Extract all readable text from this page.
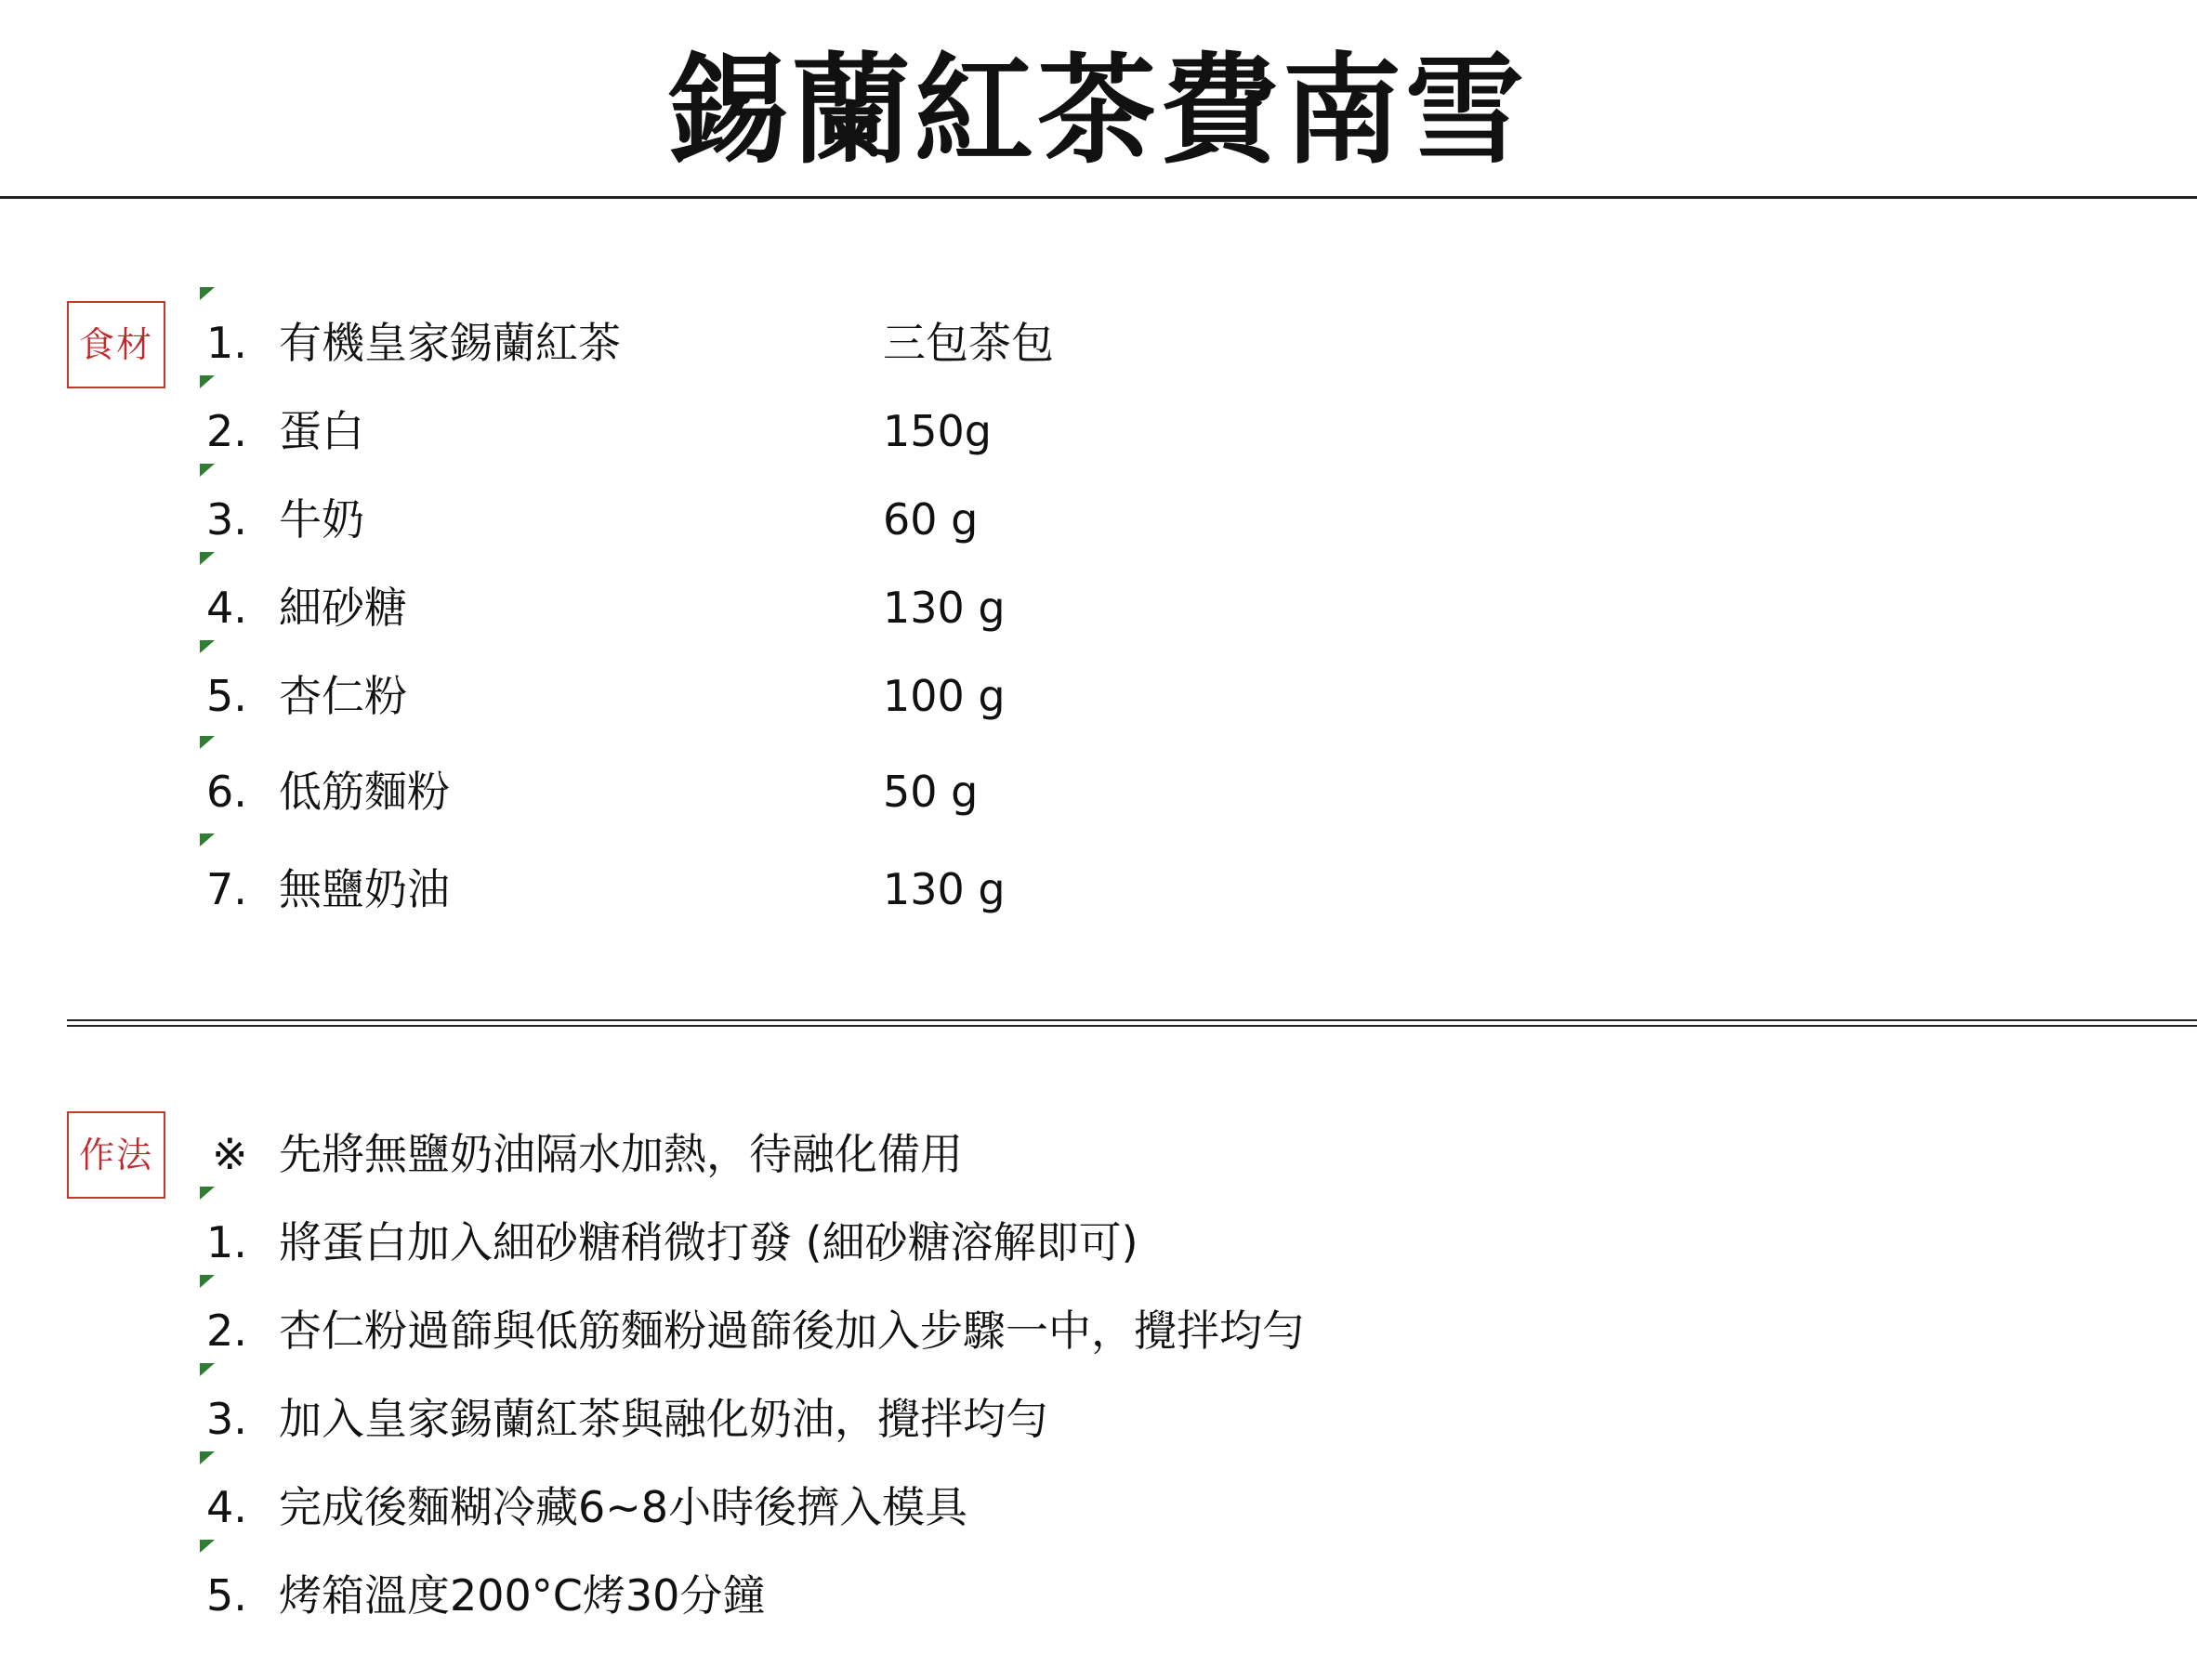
錫蘭紅茶費南雪
食材 1. 有機皇家錫蘭紅茶	三包茶包
2. 蛋白	150g
3. 牛奶	60 g
4. 細砂糖	130 g
5. 杏仁粉	100 g
6. 低筋麵粉	50 g
7. 無鹽奶油	130 g
作法 ※ 先將無鹽奶油隔水加熱，待融化備用
1. 將蛋白加入細砂糖稍微打發 (細砂糖溶解即可)
2. 杏仁粉過篩與低筋麵粉過篩後加入步驟一中，攪拌均勻
3. 加入皇家錫蘭紅茶與融化奶油，攪拌均勻
4. 完成後麵糊冷藏6~8小時後擠入模具
5. 烤箱溫度200°C烤30分鐘
